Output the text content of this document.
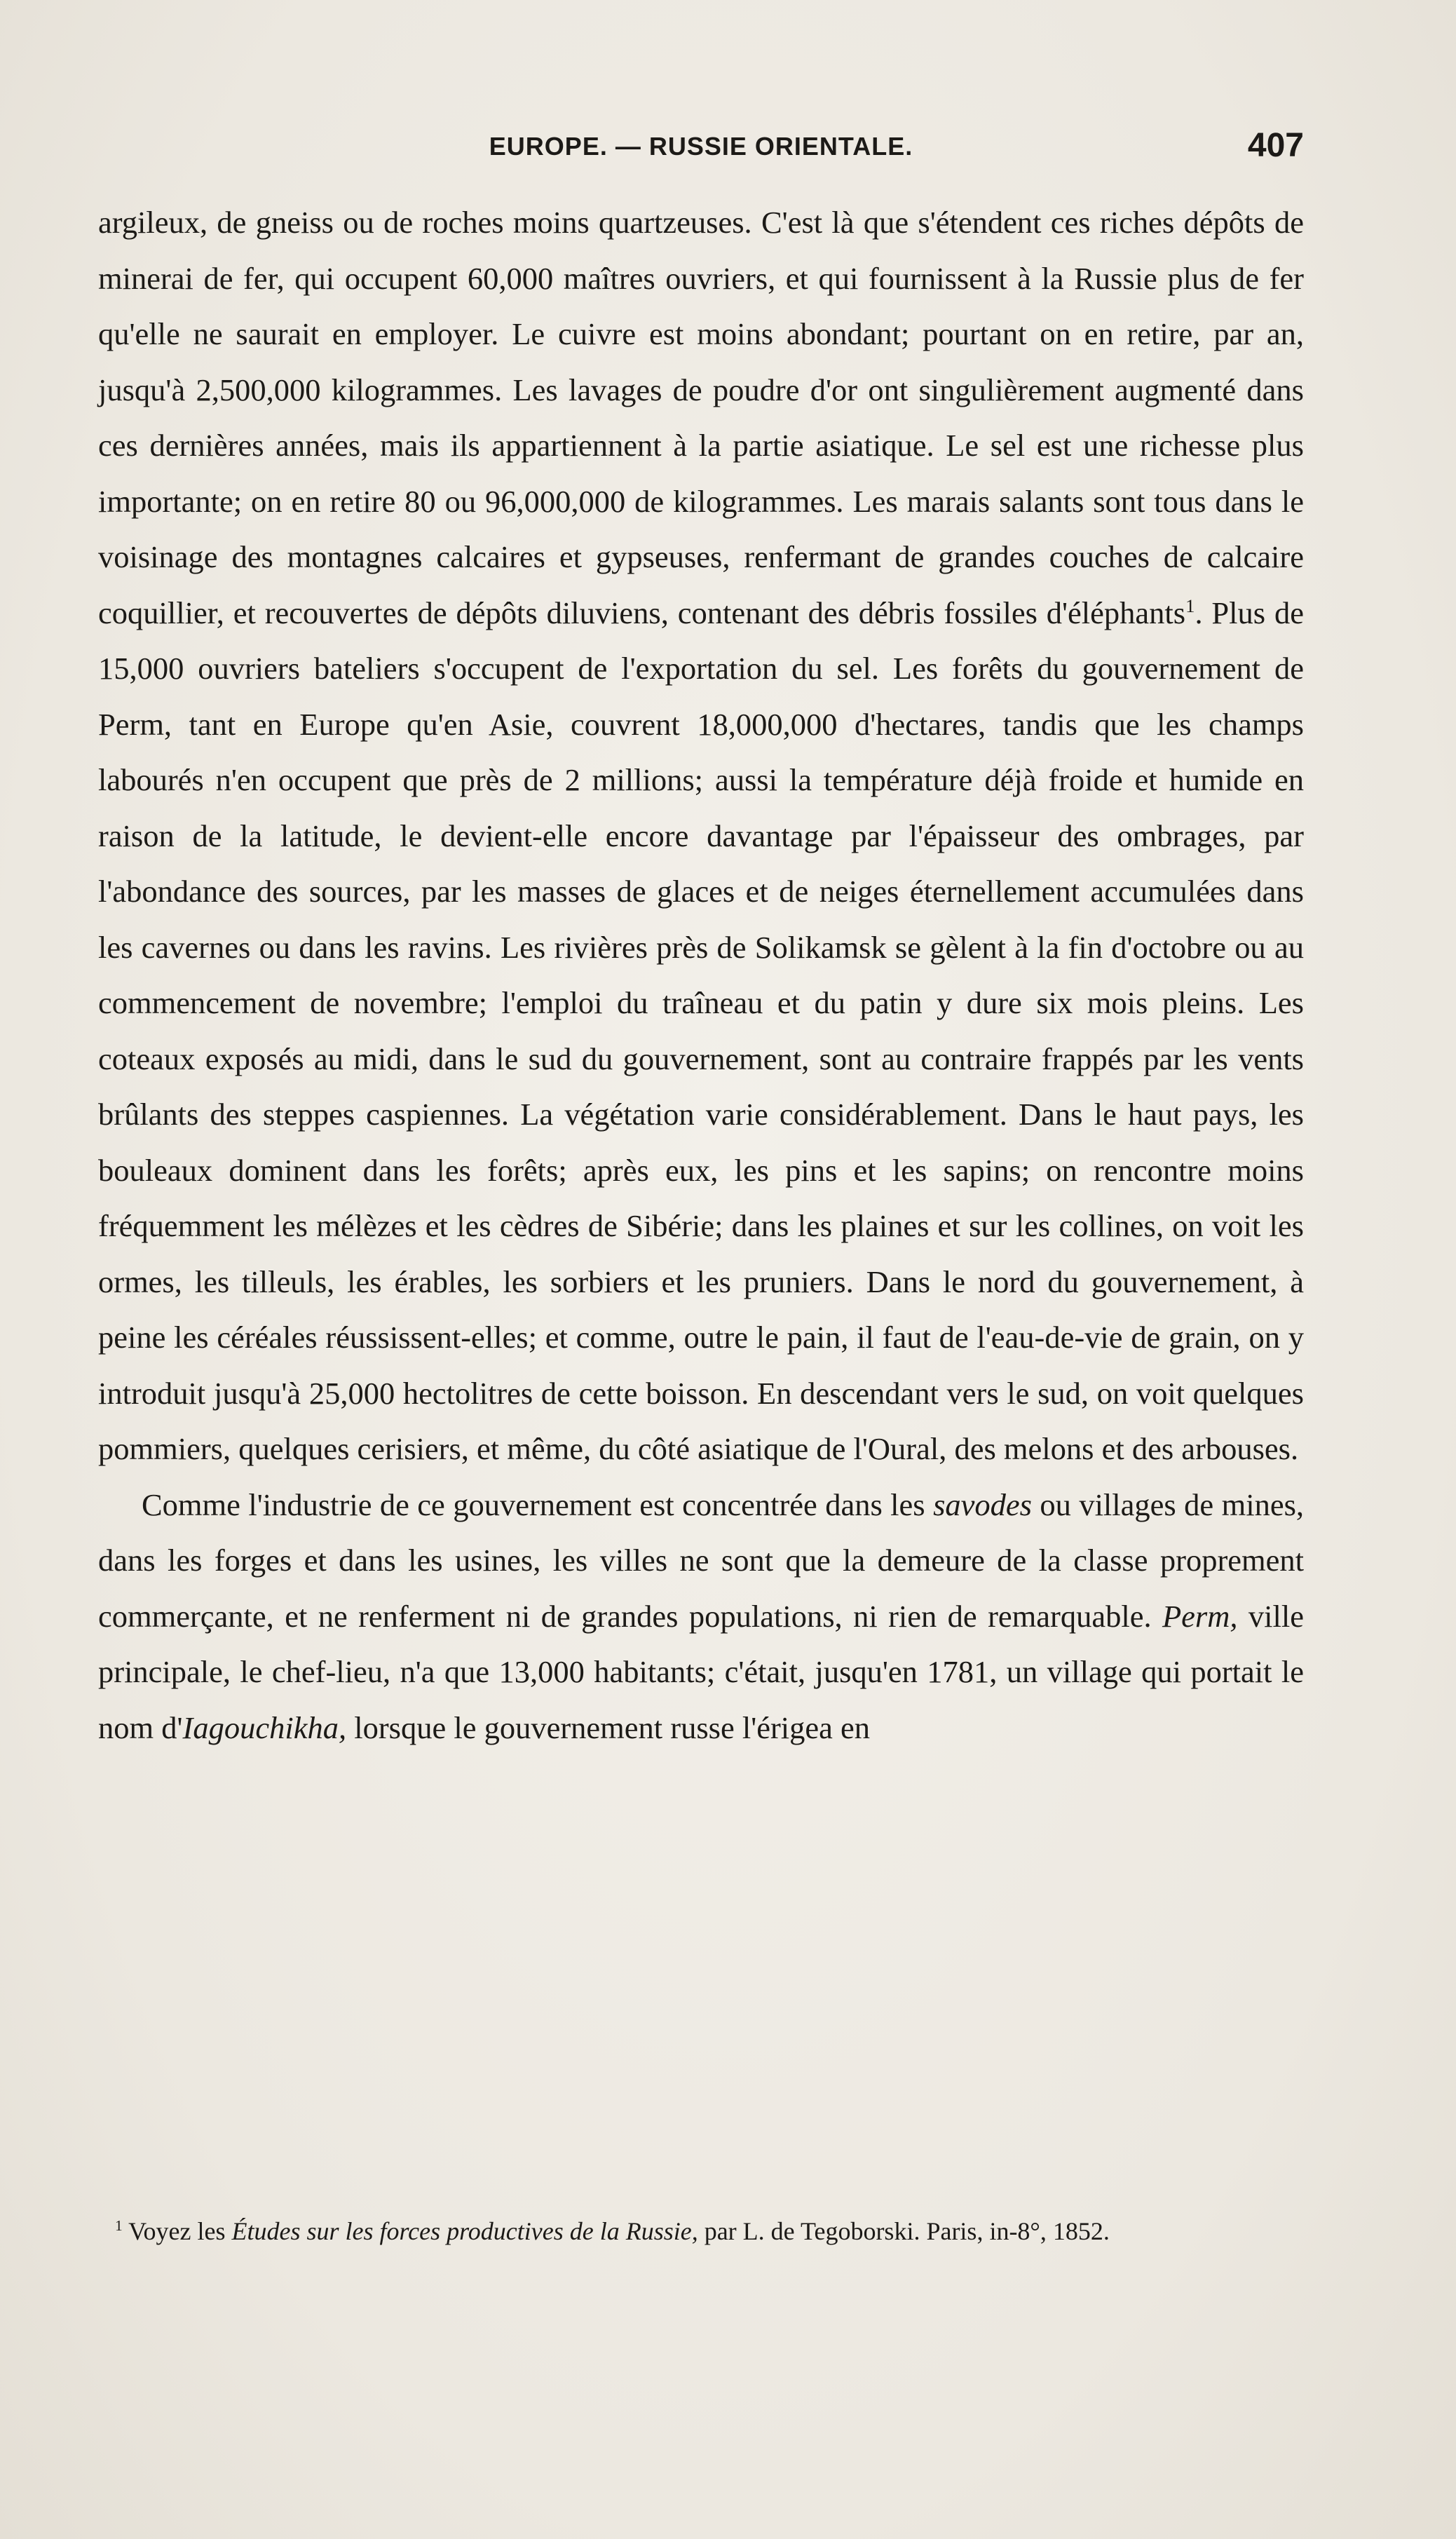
EUROPE. — RUSSIE ORIENTALE.	407

argileux, de gneiss ou de roches moins quartzeuses. C'est là que s'étendent ces riches dépôts de minerai de fer, qui occupent 60,000 maîtres ouvriers, et qui fournissent à la Russie plus de fer qu'elle ne saurait en employer. Le cuivre est moins abondant; pourtant on en retire, par an, jusqu'à 2,500,000 kilogrammes. Les lavages de poudre d'or ont singulièrement augmenté dans ces dernières années, mais ils appartiennent à la partie asiatique. Le sel est une richesse plus importante; on en retire 80 ou 96,000,000 de kilogrammes. Les marais salants sont tous dans le voisinage des montagnes calcaires et gypseuses, renfermant de grandes couches de calcaire coquillier, et recouvertes de dépôts diluviens, contenant des débris fossiles d'éléphants$^1$. Plus de 15,000 ouvriers bateliers s'occupent de l'exportation du sel. Les forêts du gouvernement de Perm, tant en Europe qu'en Asie, couvrent 18,000,000 d'hectares, tandis que les champs labourés n'en occupent que près de 2 millions; aussi la température déjà froide et humide en raison de la latitude, le devient-elle encore davantage par l'épaisseur des ombrages, par l'abondance des sources, par les masses de glaces et de neiges éternellement accumulées dans les cavernes ou dans les ravins. Les rivières près de Solikamsk se gèlent à la fin d'octobre ou au commencement de novembre; l'emploi du traîneau et du patin y dure six mois pleins. Les coteaux exposés au midi, dans le sud du gouvernement, sont au contraire frappés par les vents brûlants des steppes caspiennes. La végétation varie considérablement. Dans le haut pays, les bouleaux dominent dans les forêts; après eux, les pins et les sapins; on rencontre moins fréquemment les mélèzes et les cèdres de Sibérie; dans les plaines et sur les collines, on voit les ormes, les tilleuls, les érables, les sorbiers et les pruniers. Dans le nord du gouvernement, à peine les céréales réussissent-elles; et comme, outre le pain, il faut de l'eau-de-vie de grain, on y introduit jusqu'à 25,000 hectolitres de cette boisson. En descendant vers le sud, on voit quelques pommiers, quelques cerisiers, et même, du côté asiatique de l'Oural, des melons et des arbouses.

Comme l'industrie de ce gouvernement est concentrée dans les savodes ou villages de mines, dans les forges et dans les usines, les villes ne sont que la demeure de la classe proprement commerçante, et ne renferment ni de grandes populations, ni rien de remarquable. Perm, ville principale, le chef-lieu, n'a que 13,000 habitants; c'était, jusqu'en 1781, un village qui portait le nom d'Iagouchikha, lorsque le gouvernement russe l'érigea en

$^1$ Voyez les Études sur les forces productives de la Russie, par L. de Tegoborski. Paris, in-8°, 1852.
